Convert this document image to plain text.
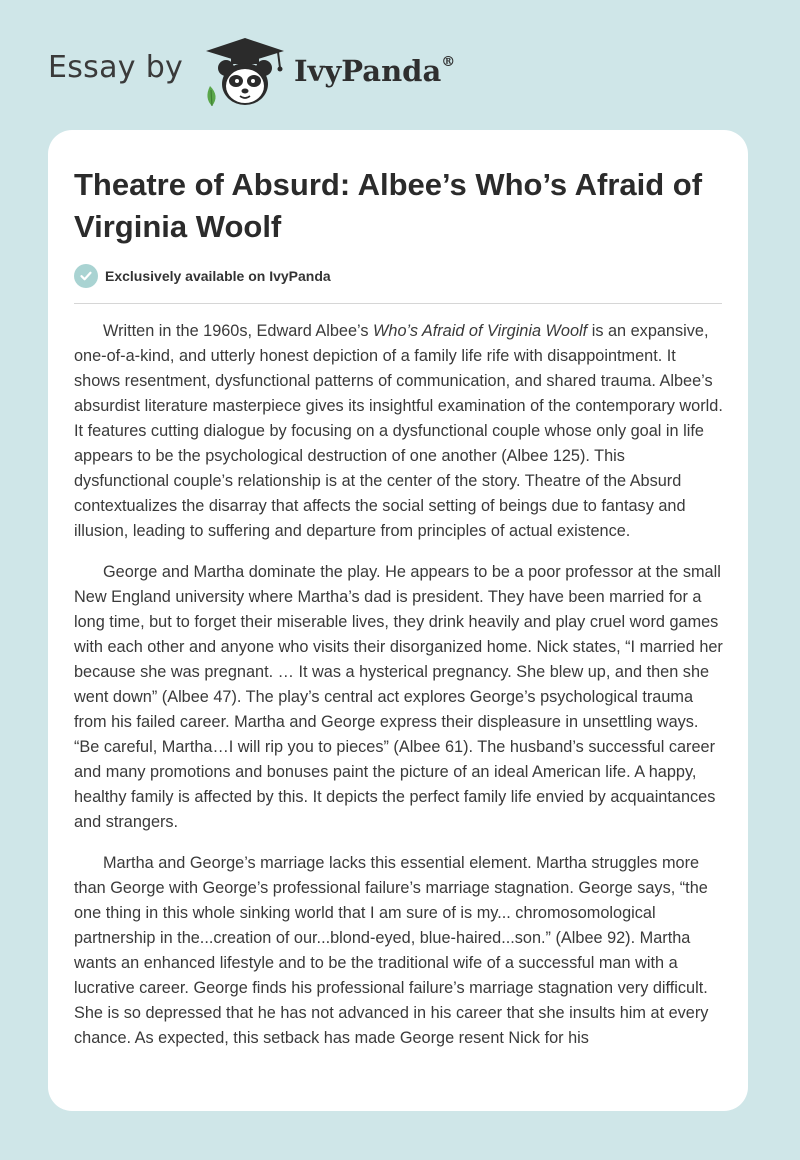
Essay by	IvyPanda®
Theatre of Absurd: Albee’s Who’s Afraid of Virginia Woolf
Exclusively available on IvyPanda

Written in the 1960s, Edward Albee’s Who’s Afraid of Virginia Woolf is an expansive, one-of-a-kind, and utterly honest depiction of a family life rife with disappointment. It shows resentment, dysfunctional patterns of communication, and shared trauma. Albee’s absurdist literature masterpiece gives its insightful examination of the contemporary world. It features cutting dialogue by focusing on a dysfunctional couple whose only goal in life appears to be the psychological destruction of one another (Albee 125). This dysfunctional couple’s relationship is at the center of the story. Theatre of the Absurd contextualizes the disarray that affects the social setting of beings due to fantasy and illusion, leading to suffering and departure from principles of actual existence.

George and Martha dominate the play. He appears to be a poor professor at the small New England university where Martha’s dad is president. They have been married for a long time, but to forget their miserable lives, they drink heavily and play cruel word games with each other and anyone who visits their disorganized home. Nick states, “I married her because she was pregnant. … It was a hysterical pregnancy. She blew up, and then she went down” (Albee 47). The play’s central act explores George’s psychological trauma from his failed career. Martha and George express their displeasure in unsettling ways. “Be careful, Martha…I will rip you to pieces” (Albee 61). The husband’s successful career and many promotions and bonuses paint the picture of an ideal American life. A happy, healthy family is affected by this. It depicts the perfect family life envied by acquaintances and strangers.

Martha and George’s marriage lacks this essential element. Martha struggles more than George with George’s professional failure’s marriage stagnation. George says, “the one thing in this whole sinking world that I am sure of is my... chromosomological partnership in the...creation of our...blond-eyed, blue-haired...son.” (Albee 92). Martha wants an enhanced lifestyle and to be the traditional wife of a successful man with a lucrative career. George finds his professional failure’s marriage stagnation very difficult. She is so depressed that he has not advanced in his career that she insults him at every chance. As expected, this setback has made George resent Nick for his
